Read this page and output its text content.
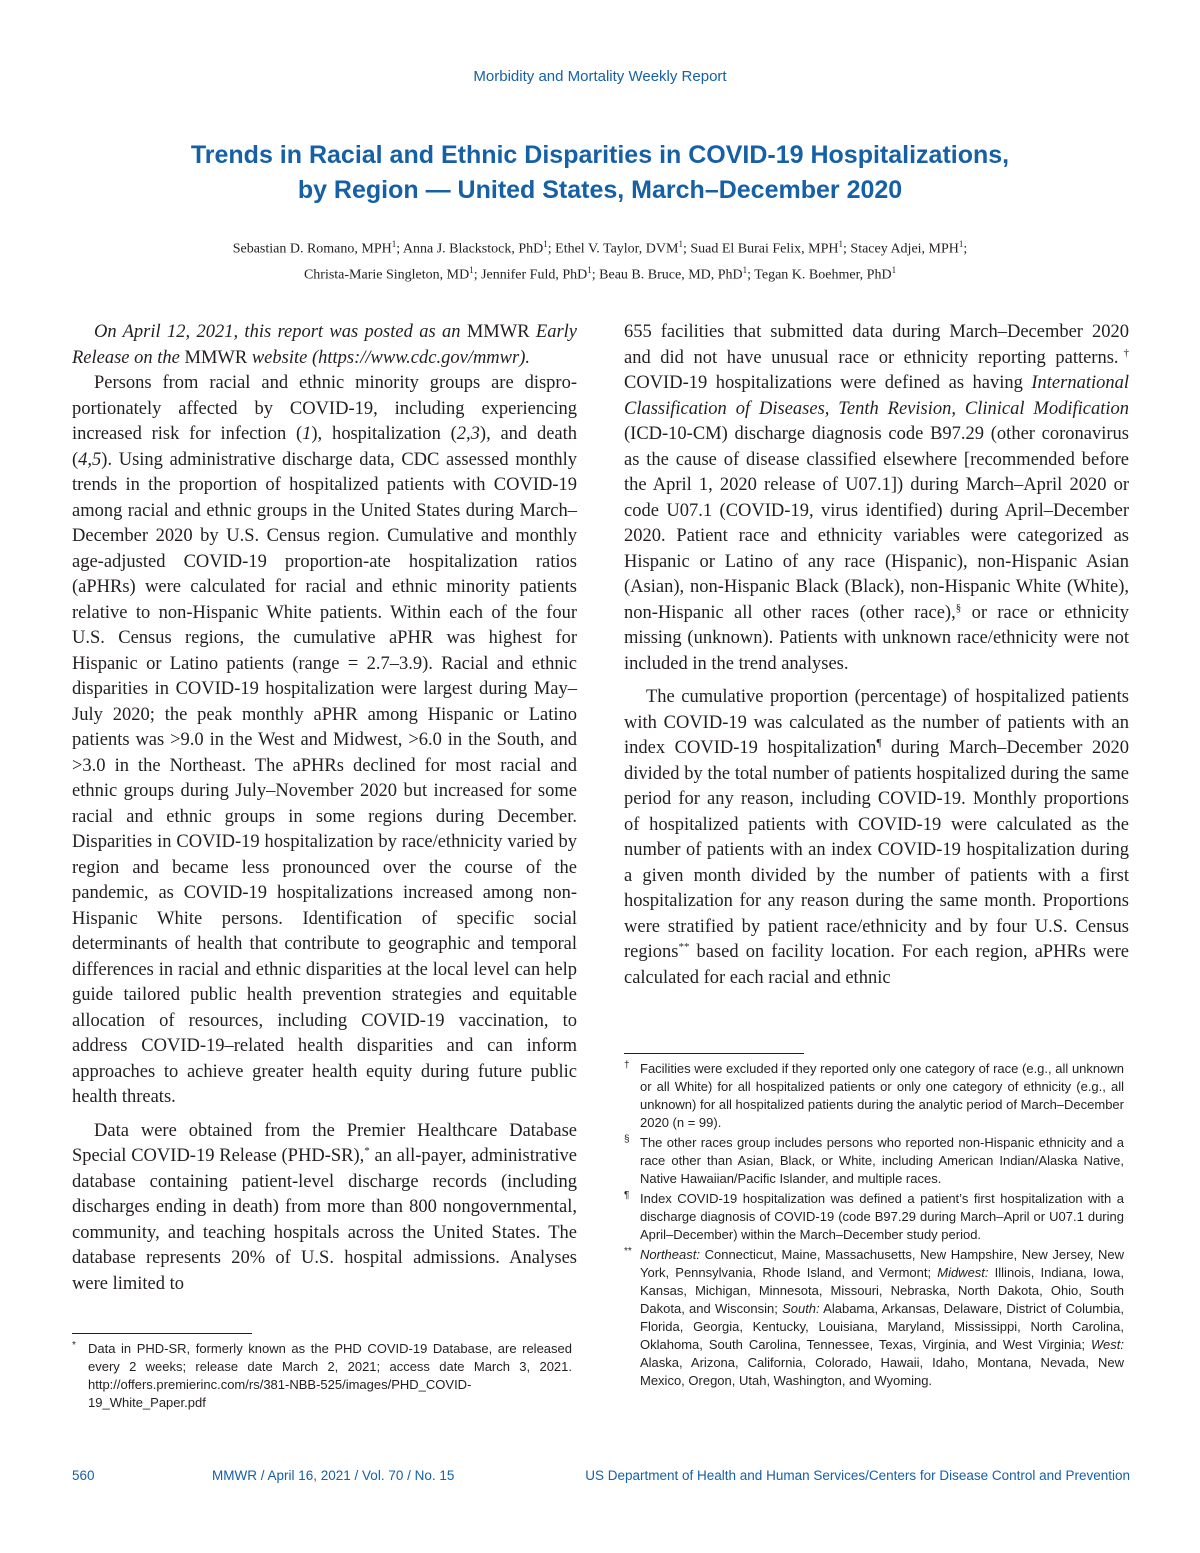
Morbidity and Mortality Weekly Report
Trends in Racial and Ethnic Disparities in COVID-19 Hospitalizations,
by Region — United States, March–December 2020
Sebastian D. Romano, MPH$^1$; Anna J. Blackstock, PhD$^1$; Ethel V. Taylor, DVM$^1$; Suad El Burai Felix, MPH$^1$; Stacey Adjei, MPH$^1$;
Christa-Marie Singleton, $MD^1$; Jennifer Fuld, PhD$^1$; Beau B. Bruce, MD, PhD$^1$; Tegan K. Boehmer, PhD$^1$

On April 12, 2021, this report was posted as an MMWR Early Release on the MMWR website (https://www.cdc.gov/mmwr).

Persons from racial and ethnic minority groups are dispro-portionately affected by COVID-19, including experiencing increased risk for infection (1), hospitalization (2,3), and death (4,5). Using administrative discharge data, CDC assessed monthly trends in the proportion of hospitalized patients with COVID-19 among racial and ethnic groups in the United States during March–December 2020 by U.S. Census region. Cumulative and monthly age-adjusted COVID-19 proportion-ate hospitalization ratios (aPHRs) were calculated for racial and ethnic minority patients relative to non-Hispanic White patients. Within each of the four U.S. Census regions, the cumulative aPHR was highest for Hispanic or Latino patients (range = 2.7–3.9). Racial and ethnic disparities in COVID-19 hospitalization were largest during May–July 2020; the peak monthly aPHR among Hispanic or Latino patients was >9.0 in the West and Midwest, >6.0 in the South, and >3.0 in the Northeast. The aPHRs declined for most racial and ethnic groups during July–November 2020 but increased for some racial and ethnic groups in some regions during December. Disparities in COVID-19 hospitalization by race/ethnicity varied by region and became less pronounced over the course of the pandemic, as COVID-19 hospitalizations increased among non-Hispanic White persons. Identification of specific social determinants of health that contribute to geographic and temporal differences in racial and ethnic disparities at the local level can help guide tailored public health prevention strategies and equitable allocation of resources, including COVID-19 vaccination, to address COVID-19–related health disparities and can inform approaches to achieve greater health equity during future public health threats.

Data were obtained from the Premier Healthcare Database Special COVID-19 Release (PHD-SR),* an all-payer, administrative database containing patient-level discharge records (including discharges ending in death) from more than 800 nongovernmental, community, and teaching hospitals across the United States. The database represents 20% of U.S. hospital admissions. Analyses were limited to

655 facilities that submitted data during March–December 2020 and did not have unusual race or ethnicity reporting patterns.† COVID-19 hospitalizations were defined as having International Classification of Diseases, Tenth Revision, Clinical Modification (ICD-10-CM) discharge diagnosis code B97.29 (other coronavirus as the cause of disease classified elsewhere [recommended before the April 1, 2020 release of U07.1]) during March–April 2020 or code U07.1 (COVID-19, virus identified) during April–December 2020. Patient race and ethnicity variables were categorized as Hispanic or Latino of any race (Hispanic), non-Hispanic Asian (Asian), non-Hispanic Black (Black), non-Hispanic White (White), non-Hispanic all other races (other race),§ or race or ethnicity missing (unknown). Patients with unknown race/ethnicity were not included in the trend analyses.

The cumulative proportion (percentage) of hospitalized patients with COVID-19 was calculated as the number of patients with an index COVID-19 hospitalization¶ during March–December 2020 divided by the total number of patients hospitalized during the same period for any reason, including COVID-19. Monthly proportions of hospitalized patients with COVID-19 were calculated as the number of patients with an index COVID-19 hospitalization during a given month divided by the number of patients with a first hospitalization for any reason during the same month. Proportions were stratified by patient race/ethnicity and by four U.S. Census regions** based on facility location. For each region, aPHRs were calculated for each racial and ethnic

* Data in PHD-SR, formerly known as the PHD COVID-19 Database, are released every 2 weeks; release date March 2, 2021; access date March 3, 2021. http://offers.premierinc.com/rs/381-NBB-525/images/PHD_COVID-19_White_Paper.pdf
† Facilities were excluded if they reported only one category of race (e.g., all unknown or all White) for all hospitalized patients or only one category of ethnicity (e.g., all unknown) for all hospitalized patients during the analytic period of March–December 2020 (n = 99).
§ The other races group includes persons who reported non-Hispanic ethnicity and a race other than Asian, Black, or White, including American Indian/Alaska Native, Native Hawaiian/Pacific Islander, and multiple races.
¶ Index COVID-19 hospitalization was defined a patient’s first hospitalization with a discharge diagnosis of COVID-19 (code B97.29 during March–April or U07.1 during April–December) within the March–December study period.
** Northeast: Connecticut, Maine, Massachusetts, New Hampshire, New Jersey, New York, Pennsylvania, Rhode Island, and Vermont; Midwest: Illinois, Indiana, Iowa, Kansas, Michigan, Minnesota, Missouri, Nebraska, North Dakota, Ohio, South Dakota, and Wisconsin; South: Alabama, Arkansas, Delaware, District of Columbia, Florida, Georgia, Kentucky, Louisiana, Maryland, Mississippi, North Carolina, Oklahoma, South Carolina, Tennessee, Texas, Virginia, and West Virginia; West: Alaska, Arizona, California, Colorado, Hawaii, Idaho, Montana, Nevada, New Mexico, Oregon, Utah, Washington, and Wyoming.
560	MMWR / April 16, 2021 / Vol. 70 / No. 15	US Department of Health and Human Services/Centers for Disease Control and Prevention
